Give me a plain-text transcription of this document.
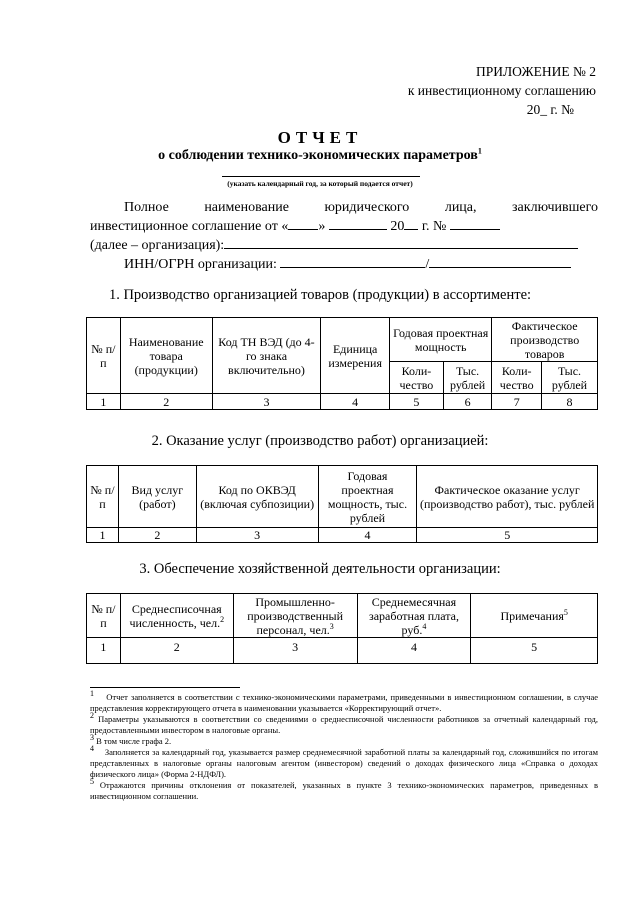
ПРИЛОЖЕНИЕ № 2
к инвестиционному соглашению
20_ г. №
ОТЧЕТ
о соблюдении технико-экономических параметров$^1$
(указать календарный год, за который подается отчет)
Полное	наименование	юридического	лица,	заключившего
инвестиционное соглашение от « »	20 г. №
(далее – организация):
ИНН/ОГРН организации:	/
1. Производство организацией товаров (продукции) в ассортименте:
№ п/п	Наименование товара (продукции)	Код ТН ВЭД (до 4-го знака включительно)	Единица измерения	Годовая проектная мощность		Фактическое производство товаров	
				Коли-чество	Тыс. рублей	Коли-чество	Тыс. рублей
1	2	3	4	5	6	7	8
2. Оказание услуг (производство работ) организацией:
№ п/п	Вид услуг (работ)	Код по ОКВЭД (включая субпозиции)	Годовая проектная мощность, тыс. рублей	Фактическое оказание услуг (производство работ), тыс. рублей
1	2	3	4	5
3. Обеспечение хозяйственной деятельности организации:
№ п/п	Среднесписочная численность, чел.$^2$	Промышленно-производственный персонал, чел.$^3$	Среднемесячная заработная плата, руб.$^4$	Примечания$^5$
1	2	3	4	5
1 Отчет заполняется в соответствии с технико-экономическими параметрами, приведенными в инвестиционном соглашении, в случае представления корректирующего отчета в наименовании указывается «Корректирующий отчет».
2 Параметры указываются в соответствии со сведениями о среднесписочной численности работников за отчетный календарный год, предоставленными инвестором в налоговые органы.
3 В том числе графа 2.
4 Заполняется за календарный год, указывается размер среднемесячной заработной платы за календарный год, сложившийся по итогам представленных в налоговые органы налоговым агентом (инвестором) сведений о доходах физического лица «Справка о доходах физического лица» (Форма 2-НДФЛ).
5 Отражаются причины отклонения от показателей, указанных в пункте 3 технико-экономических параметров, приведенных в инвестиционном соглашении.
